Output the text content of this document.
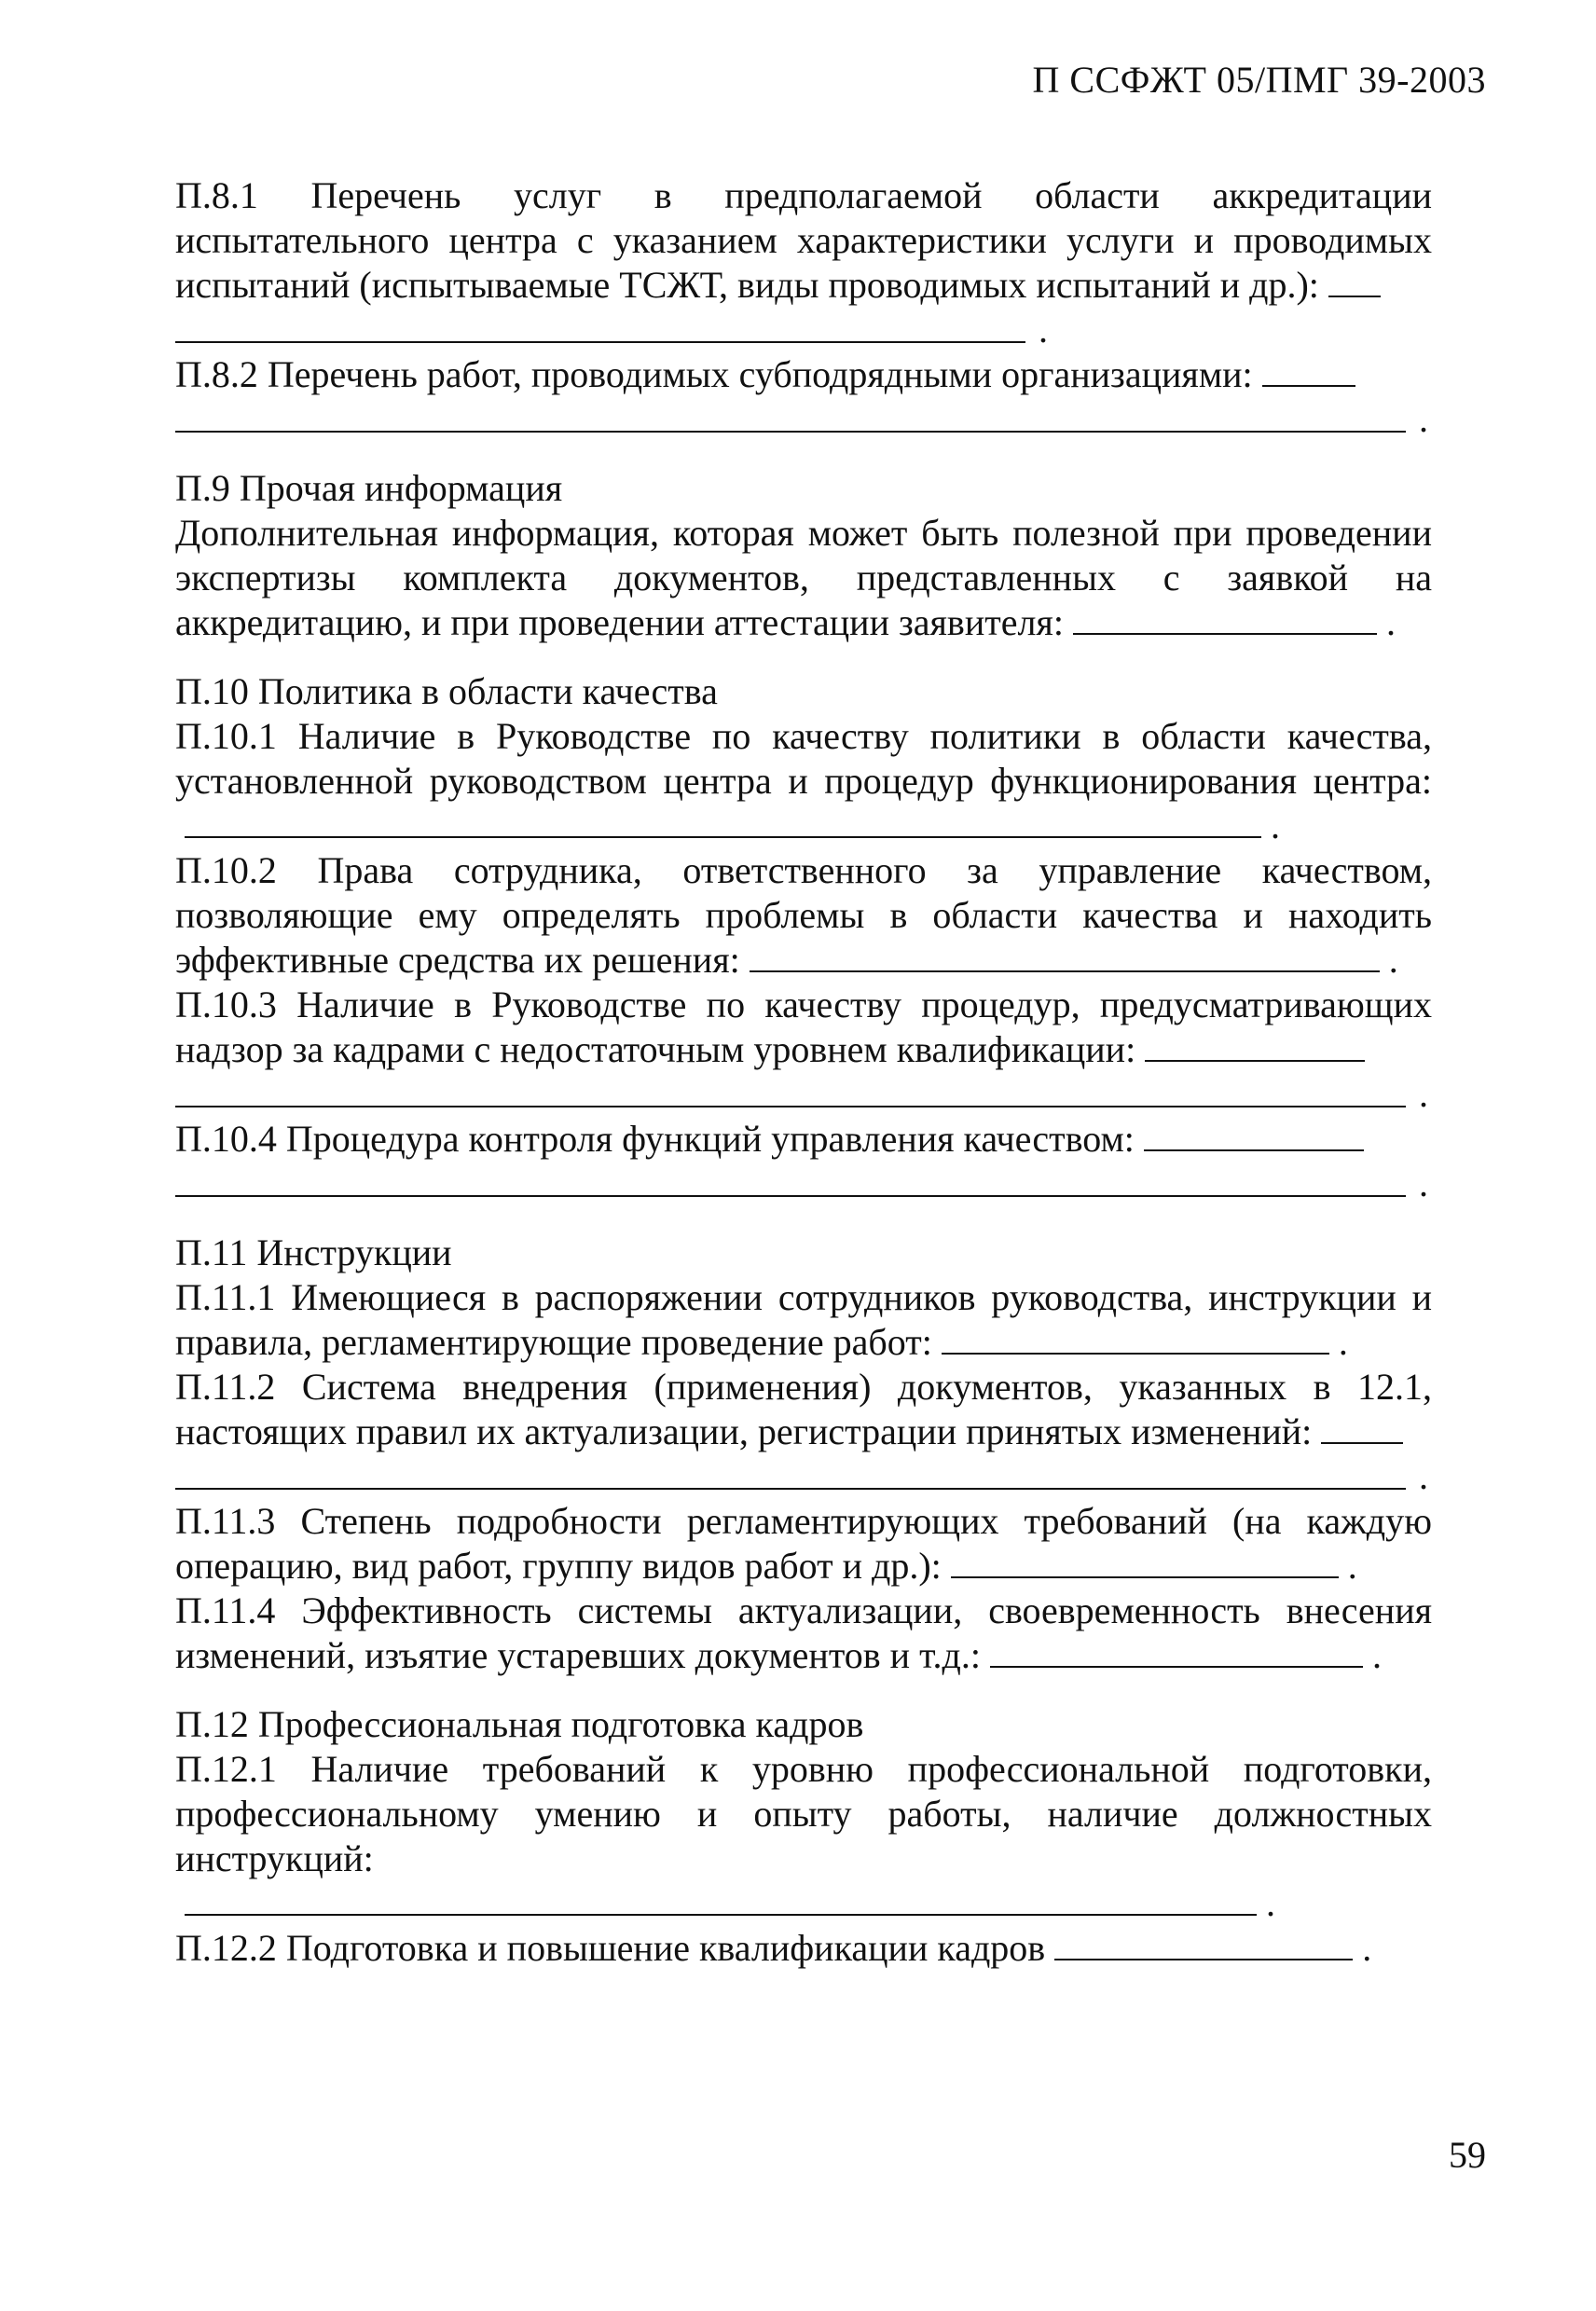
П ССФЖТ 05/ПМГ 39-2003
П.8.1 Перечень услуг в предполагаемой области аккредитации испытательного центра с указанием характеристики услуги и проводимых испытаний (испытываемые ТСЖТ, виды проводимых испытаний и др.):
.
П.8.2 Перечень работ, проводимых субподрядными организациями:
.
П.9 Прочая информация
Дополнительная информация, которая может быть полезной при проведении экспертизы комплекта документов, представленных с заявкой на аккредитацию, и при проведении аттестации заявителя:	.
П.10 Политика в области качества
П.10.1 Наличие в Руководстве по качеству политики в области качества, установленной руководством центра и процедур функционирования центра:.
П.10.2 Права сотрудника, ответственного за управление качеством, позволяющие ему определять проблемы в области качества и находить эффективные средства их решения:	.
П.10.3 Наличие в Руководстве по качеству процедур, предусматривающих надзор за кадрами с недостаточным уровнем квалификации:
.
П.10.4 Процедура контроля функций управления качеством:
.
П.11 Инструкции
П.11.1 Имеющиеся в распоряжении сотрудников руководства, инструкции и правила, регламентирующие проведение работ:	.
П.11.2 Система внедрения (применения) документов, указанных в 12.1, настоящих правил их актуализации, регистрации принятых изменений:
.
П.11.3 Степень подробности регламентирующих требований (на каждую операцию, вид работ, группу видов работ и др.):	.
П.11.4 Эффективность системы актуализации, своевременность внесения изменений, изъятие устаревших документов и т.д.:	.
П.12 Профессиональная подготовка кадров
П.12.1 Наличие требований к уровню профессиональной подготовки, профессиональному умению и опыту работы, наличие должностных инструкций:.
П.12.2 Подготовка и повышение квалификации кадров	.
59
